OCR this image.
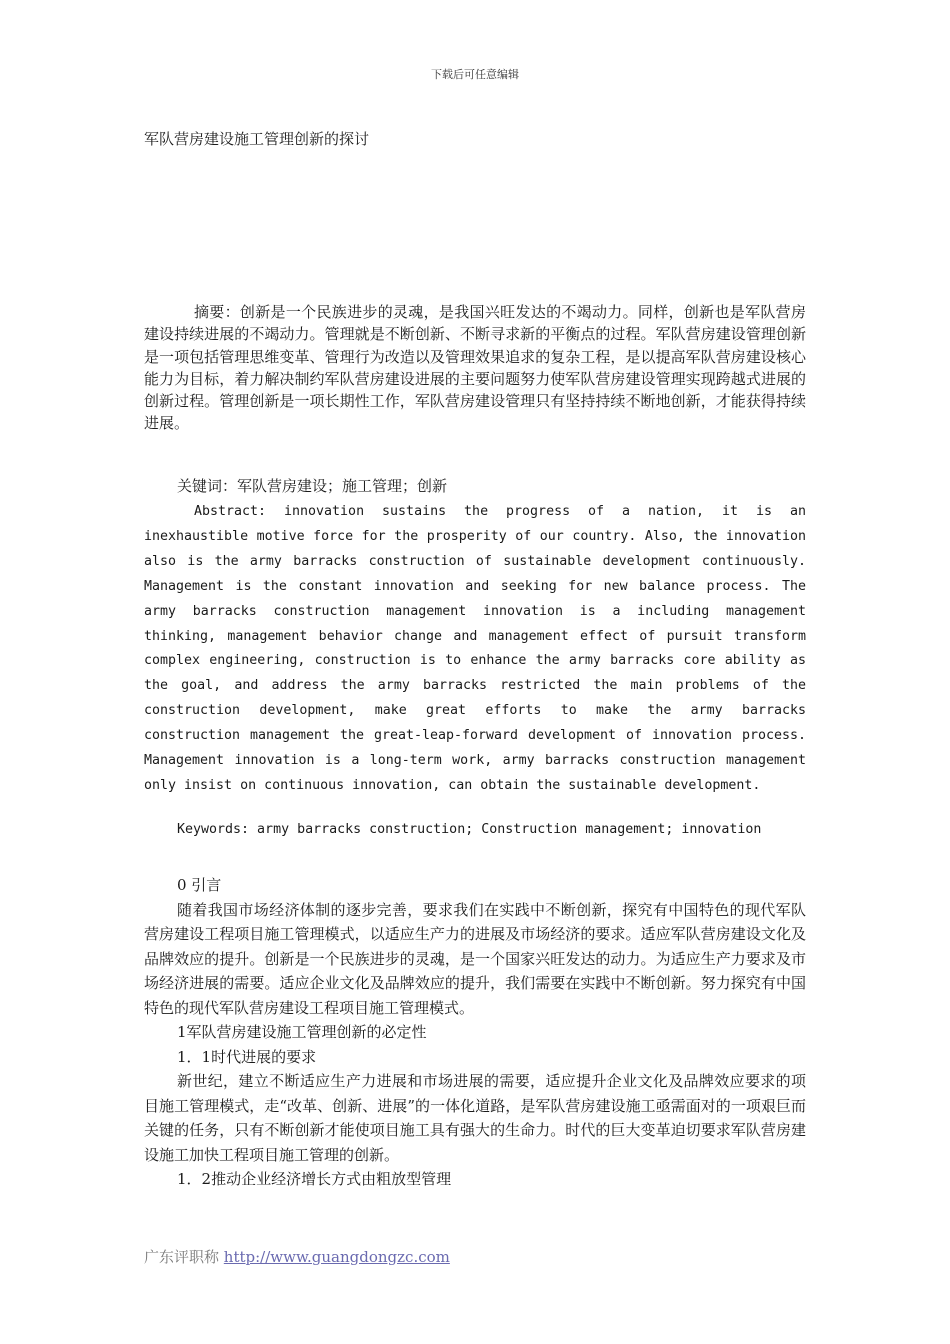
下载后可任意编辑
军队营房建设施工管理创新的探讨
摘要：创新是一个民族进步的灵魂，是我国兴旺发达的不竭动力。同样，创新也是军队营房建设持续进展的不竭动力。管理就是不断创新、不断寻求新的平衡点的过程。军队营房建设管理创新是一项包括管理思维变革、管理行为改造以及管理效果追求的复杂工程，是以提高军队营房建设核心能力为目标，着力解决制约军队营房建设进展的主要问题努力使军队营房建设管理实现跨越式进展的创新过程。管理创新是一项长期性工作，军队营房建设管理只有坚持持续不断地创新，才能获得持续进展。
关键词：军队营房建设；施工管理；创新
Abstract: innovation sustains the progress of a nation, it is an inexhaustible motive force for the prosperity of our country. Also, the innovation also is the army barracks construction of sustainable development continuously. Management is the constant innovation and seeking for new balance process. The army barracks construction management innovation is a including management thinking, management behavior change and management effect of pursuit transform complex engineering, construction is to enhance the army barracks core ability as the goal, and address the army barracks restricted the main problems of the construction development, make great efforts to make the army barracks construction management the great-leap-forward development of innovation process. Management innovation is a long-term work, army barracks construction management only insist on continuous innovation, can obtain the sustainable development.
Keywords: army barracks construction; Construction management; innovation
0 引言
随着我国市场经济体制的逐步完善，要求我们在实践中不断创新，探究有中国特色的现代军队营房建设工程项目施工管理模式，以适应生产力的进展及市场经济的要求。适应军队营房建设文化及品牌效应的提升。创新是一个民族进步的灵魂，是一个国家兴旺发达的动力。为适应生产力要求及市场经济进展的需要。适应企业文化及品牌效应的提升，我们需要在实践中不断创新。努力探究有中国特色的现代军队营房建设工程项目施工管理模式。
1军队营房建设施工管理创新的必定性
1．1时代进展的要求
新世纪，建立不断适应生产力进展和市场进展的需要，适应提升企业文化及品牌效应要求的项目施工管理模式，走“改革、创新、进展”的一体化道路，是军队营房建设施工亟需面对的一项艰巨而关键的任务，只有不断创新才能使项目施工具有强大的生命力。时代的巨大变革迫切要求军队营房建设施工加快工程项目施工管理的创新。
1．2推动企业经济增长方式由粗放型管理
广东评职称 http://www.guangdongzc.com
